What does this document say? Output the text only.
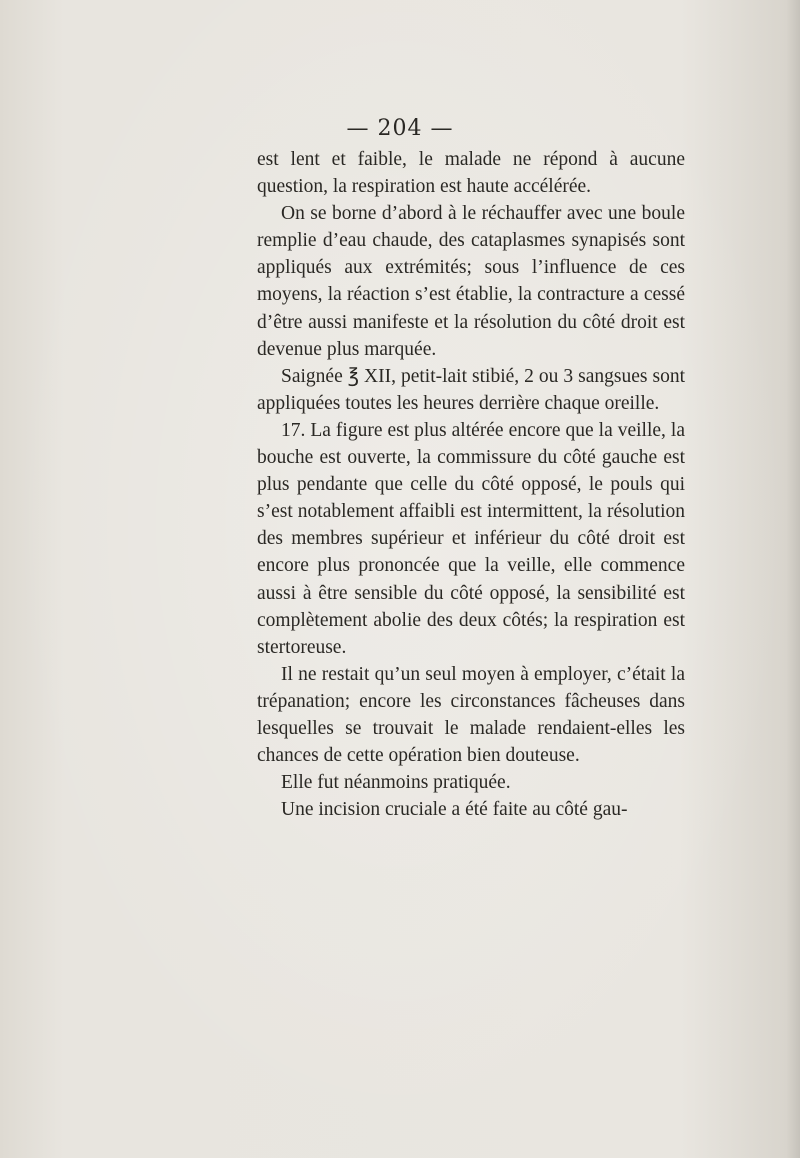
— 204 —

est lent et faible, le malade ne répond à aucune question, la respiration est haute accélérée.

On se borne d’abord à le réchauffer avec une boule remplie d’eau chaude, des cataplasmes synapisés sont appliqués aux extrémités; sous l’influence de ces moyens, la réaction s’est établie, la contracture a cessé d’être aussi manifeste et la résolution du côté droit est devenue plus marquée.

Saignée ℥ XII, petit-lait stibié, 2 ou 3 sangsues sont appliquées toutes les heures derrière chaque oreille.

17. La figure est plus altérée encore que la veille, la bouche est ouverte, la commissure du côté gauche est plus pendante que celle du côté opposé, le pouls qui s’est notablement affaibli est intermittent, la résolution des membres supérieur et inférieur du côté droit est encore plus prononcée que la veille, elle commence aussi à être sensible du côté opposé, la sensibilité est complètement abolie des deux côtés; la respiration est stertoreuse.

Il ne restait qu’un seul moyen à employer, c’était la trépanation; encore les circonstances fâcheuses dans lesquelles se trouvait le malade rendaient-elles les chances de cette opération bien douteuse.

Elle fut néanmoins pratiquée.

Une incision cruciale a été faite au côté gau-
